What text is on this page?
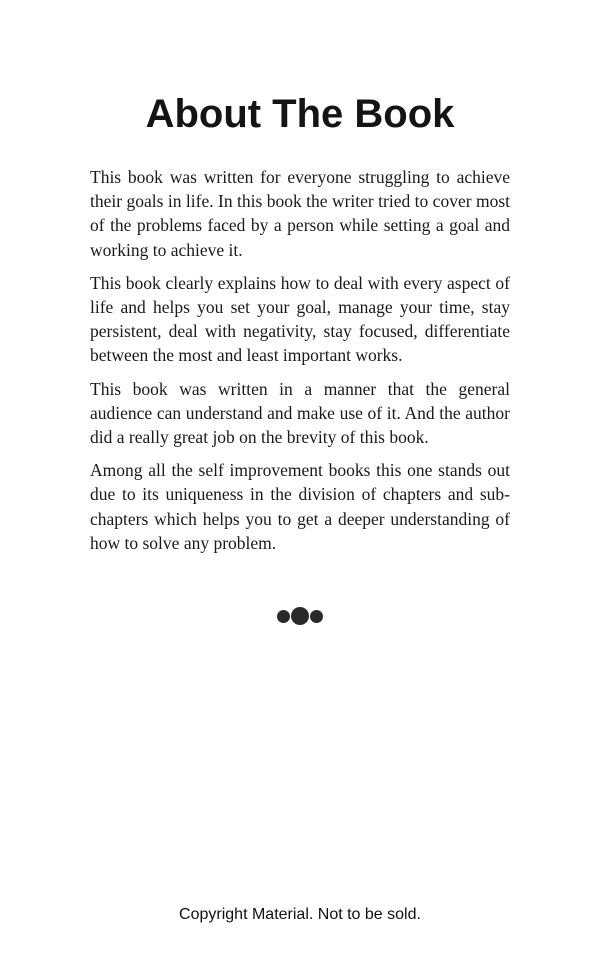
About The Book

This book was written for everyone struggling to achieve their goals in life. In this book the writer tried to cover most of the problems faced by a person while setting a goal and working to achieve it.

This book clearly explains how to deal with every aspect of life and helps you set your goal, manage your time, stay persistent, deal with negativity, stay focused, differentiate between the most and least important works.

This book was written in a manner that the general audience can understand and make use of it. And the author did a really great job on the brevity of this book.

Among all the self improvement books this one stands out due to its uniqueness in the division of chapters and sub-chapters which helps you to get a deeper understanding of how to solve any problem.

Copyright Material. Not to be sold.
